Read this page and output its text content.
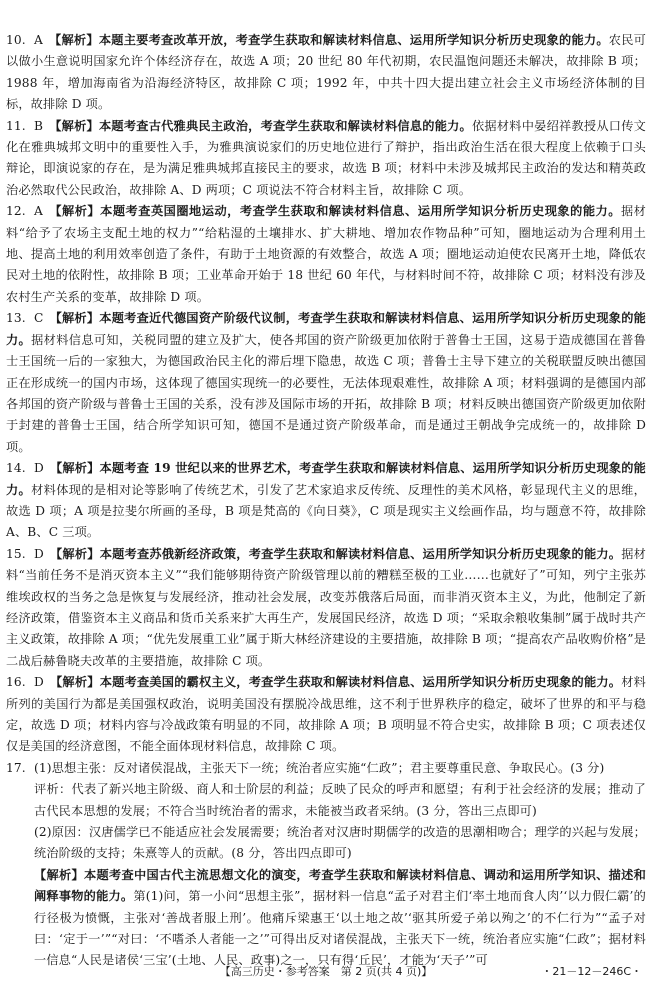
10. A 【解析】本题主要考查改革开放，考查学生获取和解读材料信息、运用所学知识分析历史现象的能力。农民可以做小生意说明国家允许个体经济存在，故选 A 项；20 世纪 80 年代初期，农民温饱问题还未解决，故排除 B 项；1988 年，增加海南省为沿海经济特区，故排除 C 项；1992 年，中共十四大提出建立社会主义市场经济体制的目标，故排除 D 项。

11. B 【解析】本题考查古代雅典民主政治，考查学生获取和解读材料信息的能力。依据材料中晏绍祥教授从口传文化在雅典城邦文明中的重要性入手，为雅典演说家们的历史地位进行了辩护，指出政治生活在很大程度上依赖于口头辩论，即演说家的存在，是为满足雅典城邦直接民主的要求，故选 B 项；材料中未涉及城邦民主政治的发达和精英政治必然取代公民政治，故排除 A、D 两项；C 项说法不符合材料主旨，故排除 C 项。

12. A 【解析】本题考查英国圈地运动，考查学生获取和解读材料信息、运用所学知识分析历史现象的能力。据材料“给予了农场主支配土地的权力”“给粘湿的土壤排水、扩大耕地、增加农作物品种”可知，圈地运动为合理利用土地、提高土地的利用效率创造了条件，有助于土地资源的有效整合，故选 A 项；圈地运动迫使农民离开土地，降低农民对土地的依附性，故排除 B 项；工业革命开始于 18 世纪 60 年代，与材料时间不符，故排除 C 项；材料没有涉及农村生产关系的变革，故排除 D 项。

13. C 【解析】本题考查近代德国资产阶级代议制，考查学生获取和解读材料信息、运用所学知识分析历史现象的能力。据材料信息可知，关税同盟的建立及扩大，使各邦国的资产阶级更加依附于普鲁士王国，这易于造成德国在普鲁士王国统一后的一家独大，为德国政治民主化的滞后埋下隐患，故选 C 项；普鲁士主导下建立的关税联盟反映出德国正在形成统一的国内市场，这体现了德国实现统一的必要性，无法体现艰难性，故排除 A 项；材料强调的是德国内部各邦国的资产阶级与普鲁士王国的关系，没有涉及国际市场的开拓，故排除 B 项；材料反映出德国资产阶级更加依附于封建的普鲁士王国，结合所学知识可知，德国不是通过资产阶级革命，而是通过王朝战争完成统一的，故排除 D 项。

14. D 【解析】本题考查 19 世纪以来的世界艺术，考查学生获取和解读材料信息、运用所学知识分析历史现象的能力。材料体现的是相对论等影响了传统艺术，引发了艺术家追求反传统、反理性的美术风格，彰显现代主义的思维，故选 D 项；A 项是拉斐尔所画的圣母，B 项是梵高的《向日葵》，C 项是现实主义绘画作品，均与题意不符，故排除 A、B、C 三项。

15. D 【解析】本题考查苏俄新经济政策，考查学生获取和解读材料信息、运用所学知识分析历史现象的能力。据材料“当前任务不是消灭资本主义”“我们能够期待资产阶级管理以前的糟糕至极的工业……也就好了”可知，列宁主张苏维埃政权的当务之急是恢复与发展经济，推动社会发展，改变苏俄落后局面，而非消灭资本主义，为此，他制定了新经济政策，借鉴资本主义商品和货币关系来扩大再生产，发展国民经济，故选 D 项；“采取余粮收集制”属于战时共产主义政策，故排除 A 项；“优先发展重工业”属于斯大林经济建设的主要措施，故排除 B 项；“提高农产品收购价格”是二战后赫鲁晓夫改革的主要措施，故排除 C 项。

16. D 【解析】本题考查美国的霸权主义，考查学生获取和解读材料信息、运用所学知识分析历史现象的能力。材料所列的美国行为都是美国强权政治，说明美国没有摆脱冷战思维，这不利于世界秩序的稳定，破坏了世界的和平与稳定，故选 D 项；材料内容与冷战政策有明显的不同，故排除 A 项；B 项明显不符合史实，故排除 B 项；C 项表述仅仅是美国的经济意图，不能全面体现材料信息，故排除 C 项。

17. (1)思想主张：反对诸侯混战，主张天下一统；统治者应实施“仁政”；君主要尊重民意、争取民心。(3 分)

评析：代表了新兴地主阶级、商人和士阶层的利益；反映了民众的呼声和愿望；有利于社会经济的发展；推动了古代民本思想的发展；不符合当时统治者的需求，未能被当政者采纳。(3 分，答出三点即可)

(2)原因：汉唐儒学已不能适应社会发展需要；统治者对汉唐时期儒学的改造的思潮相吻合；理学的兴起与发展；统治阶级的支持；朱熹等人的贡献。(8 分，答出四点即可)

【解析】本题考查中国古代主流思想文化的演变，考查学生获取和解读材料信息、调动和运用所学知识、描述和阐释事物的能力。第(1)问，第一小问“思想主张”，据材料一信息“孟子对君主们‘率土地而食人肉’‘以力假仁霸’的行径极为愤慨，主张对‘善战者服上刑’。他痛斥梁惠王‘以土地之故’‘驱其所爱子弟以殉之’的不仁行为”“孟子对曰：‘定于一’”“对曰：‘不嗜杀人者能一之’”可得出反对诸侯混战，主张天下一统，统治者应实施“仁政”；据材料一信息“人民是诸侯‘三宝’(土地、人民、政事)之一，只有得‘丘民’，才能为‘天子’”可

【高三历史・参考答案　第 2 页(共 4 页)】	・21－12－246C・
